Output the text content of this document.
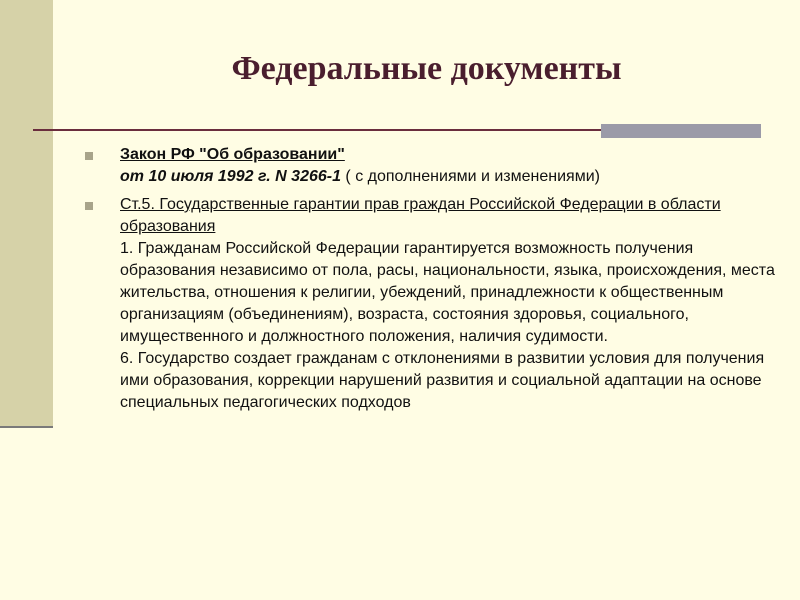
Федеральные документы
Закон РФ "Об образовании"
от 10 июля 1992 г. N 3266-1 ( с дополнениями и изменениями)
Ст.5. Государственные гарантии прав граждан Российской Федерации в области образования
1. Гражданам Российской Федерации гарантируется возможность получения образования независимо от пола, расы, национальности, языка, происхождения, места жительства, отношения к религии, убеждений, принадлежности к общественным организациям (объединениям), возраста, состояния здоровья, социального, имущественного и должностного положения, наличия судимости.
6. Государство создает гражданам с отклонениями в развитии условия для получения ими образования, коррекции нарушений развития и социальной адаптации на основе специальных педагогических подходов
